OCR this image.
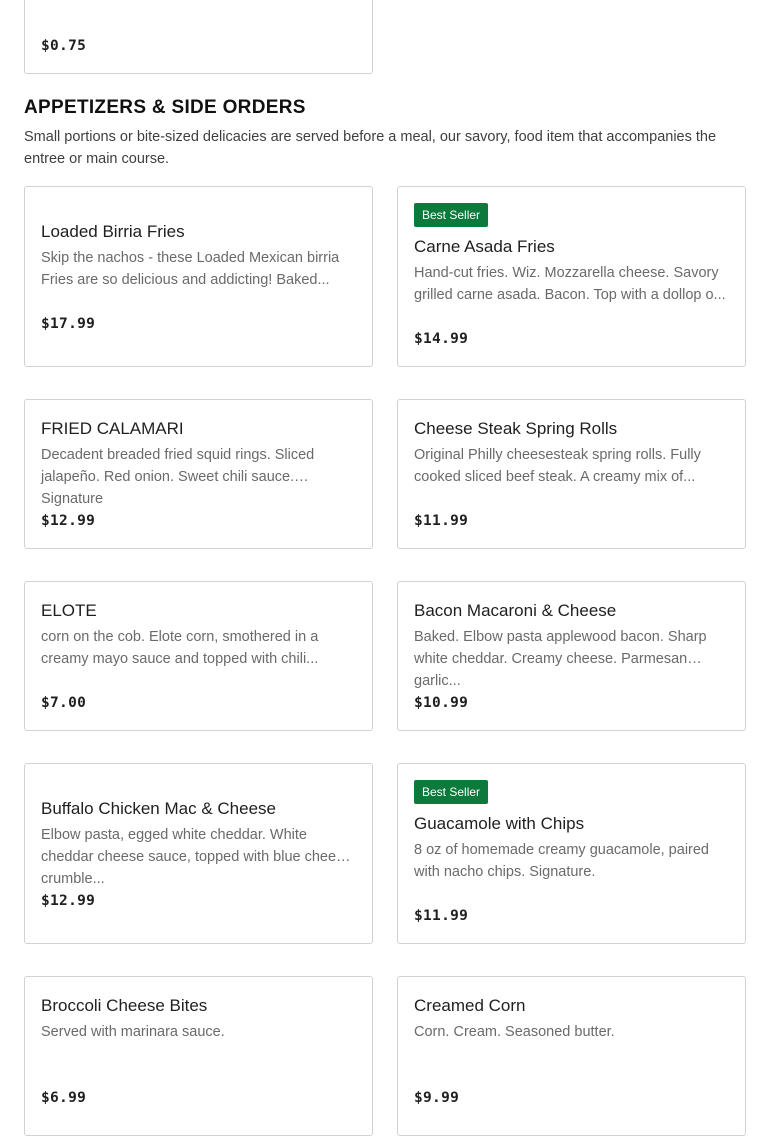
$0.75
APPETIZERS & SIDE ORDERS
Small portions or bite-sized delicacies are served before a meal, our savory, food item that accompanies the entree or main course.
Loaded Birria Fries
Skip the nachos - these Loaded Mexican birria Fries are so delicious and addicting! Baked...
$17.99
Best Seller
Carne Asada Fries
Hand-cut fries. Wiz. Mozzarella cheese. Savory grilled carne asada. Bacon. Top with a dollop o...
$14.99
FRIED CALAMARI
Decadent breaded fried squid rings. Sliced jalapeño. Red onion. Sweet chili sauce. Signature
$12.99
Cheese Steak Spring Rolls
Original Philly cheesesteak spring rolls. Fully cooked sliced beef steak. A creamy mix of...
$11.99
ELOTE
corn on the cob. Elote corn, smothered in a creamy mayo sauce and topped with chili...
$7.00
Bacon Macaroni & Cheese
Baked. Elbow pasta applewood bacon. Sharp white cheddar. Creamy cheese. Parmesan garlic...
$10.99
Buffalo Chicken Mac & Cheese
Elbow pasta, egged white cheddar. White cheddar cheese sauce, topped with blue cheese crumble...
$12.99
Best Seller
Guacamole with Chips
8 oz of homemade creamy guacamole, paired with nacho chips. Signature.
$11.99
Broccoli Cheese Bites
Served with marinara sauce.
$6.99
Creamed Corn
Corn. Cream. Seasoned butter.
$9.99
